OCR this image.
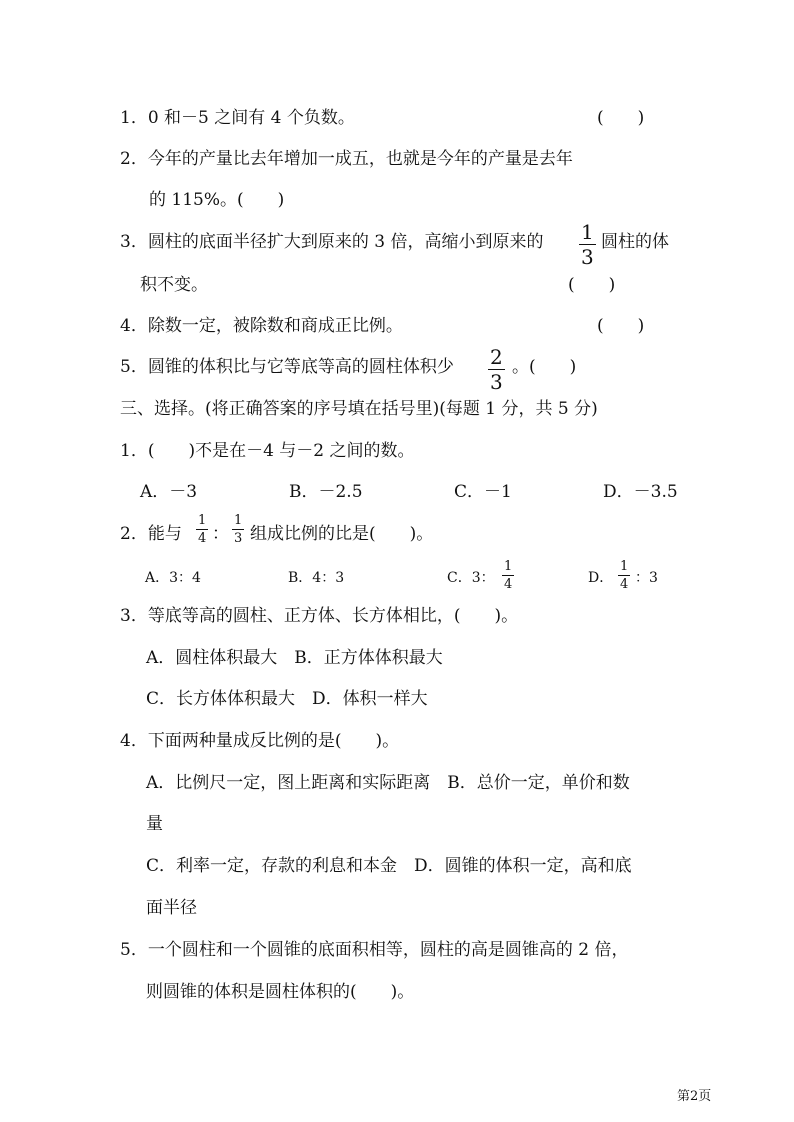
1．0 和－5 之间有 4 个负数。	(　　)
2．今年的产量比去年增加一成五，也就是今年的产量是去年
的 115%。(　　)
3．圆柱的底面半径扩大到原来的 3 倍，高缩小到原来的 $\frac{1}{3}$ 圆柱的体
积不变。	(　　)
4．除数一定，被除数和商成正比例。	(　　)
5．圆锥的体积比与它等底等高的圆柱体积少 $\frac{2}{3}$ 。(　　)
三、选择。(将正确答案的序号填在括号里)(每题 1 分，共 5 分)
1．(　　)不是在－4 与－2 之间的数。
A．－3	B．－2.5	C．－1	D．－3.5
2．能与 $\frac{1}{4}$ ： $\frac{1}{3}$ 组成比例的比是(　　)。
A．3：4	B．4：3	C．3： $\frac{1}{4}$	D． $\frac{1}{4}$ ：3
3．等底等高的圆柱、正方体、长方体相比，(　　)。
A．圆柱体积最大　B．正方体体积最大
C．长方体体积最大　D．体积一样大
4．下面两种量成反比例的是(　　)。
A．比例尺一定，图上距离和实际距离　B．总价一定，单价和数
量
C．利率一定，存款的利息和本金　D．圆锥的体积一定，高和底
面半径
5．一个圆柱和一个圆锥的底面积相等，圆柱的高是圆锥高的 2 倍，
则圆锥的体积是圆柱体积的(　　)。
第2页
